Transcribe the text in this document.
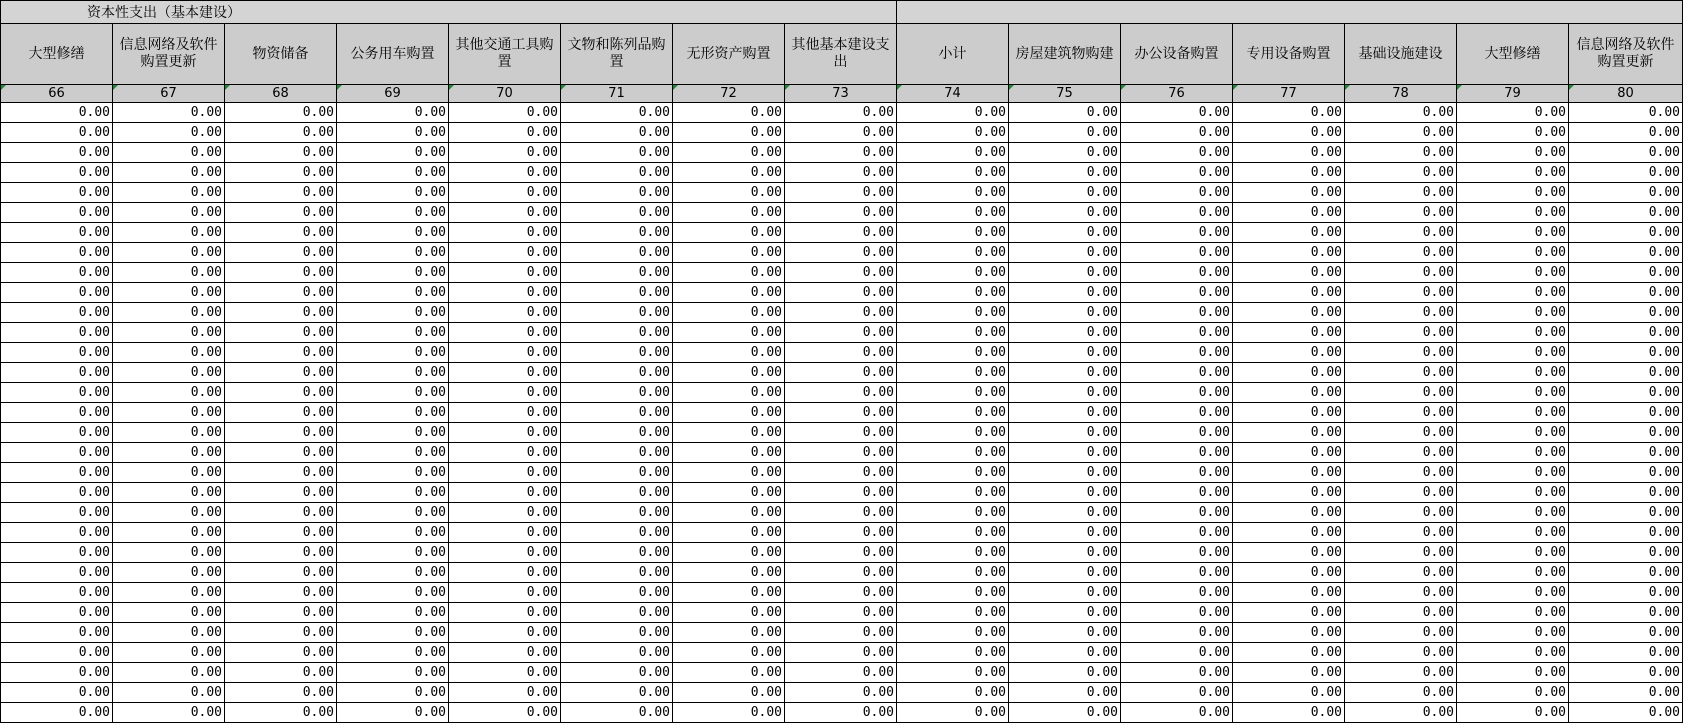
资本性支出（基本建设）														
大型修缮	信息网络及软件购置更新	物资储备	公务用车购置	其他交通工具购置	文物和陈列品购置	无形资产购置	其他基本建设支出	小计	房屋建筑物购建	办公设备购置	专用设备购置	基础设施建设	大型修缮	信息网络及软件购置更新
66	67	68	69	70	71	72	73	74	75	76	77	78	79	80
0.00	0.00	0.00	0.00	0.00	0.00	0.00	0.00	0.00	0.00	0.00	0.00	0.00	0.00	0.00
0.00	0.00	0.00	0.00	0.00	0.00	0.00	0.00	0.00	0.00	0.00	0.00	0.00	0.00	0.00
0.00	0.00	0.00	0.00	0.00	0.00	0.00	0.00	0.00	0.00	0.00	0.00	0.00	0.00	0.00
0.00	0.00	0.00	0.00	0.00	0.00	0.00	0.00	0.00	0.00	0.00	0.00	0.00	0.00	0.00
0.00	0.00	0.00	0.00	0.00	0.00	0.00	0.00	0.00	0.00	0.00	0.00	0.00	0.00	0.00
0.00	0.00	0.00	0.00	0.00	0.00	0.00	0.00	0.00	0.00	0.00	0.00	0.00	0.00	0.00
0.00	0.00	0.00	0.00	0.00	0.00	0.00	0.00	0.00	0.00	0.00	0.00	0.00	0.00	0.00
0.00	0.00	0.00	0.00	0.00	0.00	0.00	0.00	0.00	0.00	0.00	0.00	0.00	0.00	0.00
0.00	0.00	0.00	0.00	0.00	0.00	0.00	0.00	0.00	0.00	0.00	0.00	0.00	0.00	0.00
0.00	0.00	0.00	0.00	0.00	0.00	0.00	0.00	0.00	0.00	0.00	0.00	0.00	0.00	0.00
0.00	0.00	0.00	0.00	0.00	0.00	0.00	0.00	0.00	0.00	0.00	0.00	0.00	0.00	0.00
0.00	0.00	0.00	0.00	0.00	0.00	0.00	0.00	0.00	0.00	0.00	0.00	0.00	0.00	0.00
0.00	0.00	0.00	0.00	0.00	0.00	0.00	0.00	0.00	0.00	0.00	0.00	0.00	0.00	0.00
0.00	0.00	0.00	0.00	0.00	0.00	0.00	0.00	0.00	0.00	0.00	0.00	0.00	0.00	0.00
0.00	0.00	0.00	0.00	0.00	0.00	0.00	0.00	0.00	0.00	0.00	0.00	0.00	0.00	0.00
0.00	0.00	0.00	0.00	0.00	0.00	0.00	0.00	0.00	0.00	0.00	0.00	0.00	0.00	0.00
0.00	0.00	0.00	0.00	0.00	0.00	0.00	0.00	0.00	0.00	0.00	0.00	0.00	0.00	0.00
0.00	0.00	0.00	0.00	0.00	0.00	0.00	0.00	0.00	0.00	0.00	0.00	0.00	0.00	0.00
0.00	0.00	0.00	0.00	0.00	0.00	0.00	0.00	0.00	0.00	0.00	0.00	0.00	0.00	0.00
0.00	0.00	0.00	0.00	0.00	0.00	0.00	0.00	0.00	0.00	0.00	0.00	0.00	0.00	0.00
0.00	0.00	0.00	0.00	0.00	0.00	0.00	0.00	0.00	0.00	0.00	0.00	0.00	0.00	0.00
0.00	0.00	0.00	0.00	0.00	0.00	0.00	0.00	0.00	0.00	0.00	0.00	0.00	0.00	0.00
0.00	0.00	0.00	0.00	0.00	0.00	0.00	0.00	0.00	0.00	0.00	0.00	0.00	0.00	0.00
0.00	0.00	0.00	0.00	0.00	0.00	0.00	0.00	0.00	0.00	0.00	0.00	0.00	0.00	0.00
0.00	0.00	0.00	0.00	0.00	0.00	0.00	0.00	0.00	0.00	0.00	0.00	0.00	0.00	0.00
0.00	0.00	0.00	0.00	0.00	0.00	0.00	0.00	0.00	0.00	0.00	0.00	0.00	0.00	0.00
0.00	0.00	0.00	0.00	0.00	0.00	0.00	0.00	0.00	0.00	0.00	0.00	0.00	0.00	0.00
0.00	0.00	0.00	0.00	0.00	0.00	0.00	0.00	0.00	0.00	0.00	0.00	0.00	0.00	0.00
0.00	0.00	0.00	0.00	0.00	0.00	0.00	0.00	0.00	0.00	0.00	0.00	0.00	0.00	0.00
0.00	0.00	0.00	0.00	0.00	0.00	0.00	0.00	0.00	0.00	0.00	0.00	0.00	0.00	0.00
0.00	0.00	0.00	0.00	0.00	0.00	0.00	0.00	0.00	0.00	0.00	0.00	0.00	0.00	0.00
